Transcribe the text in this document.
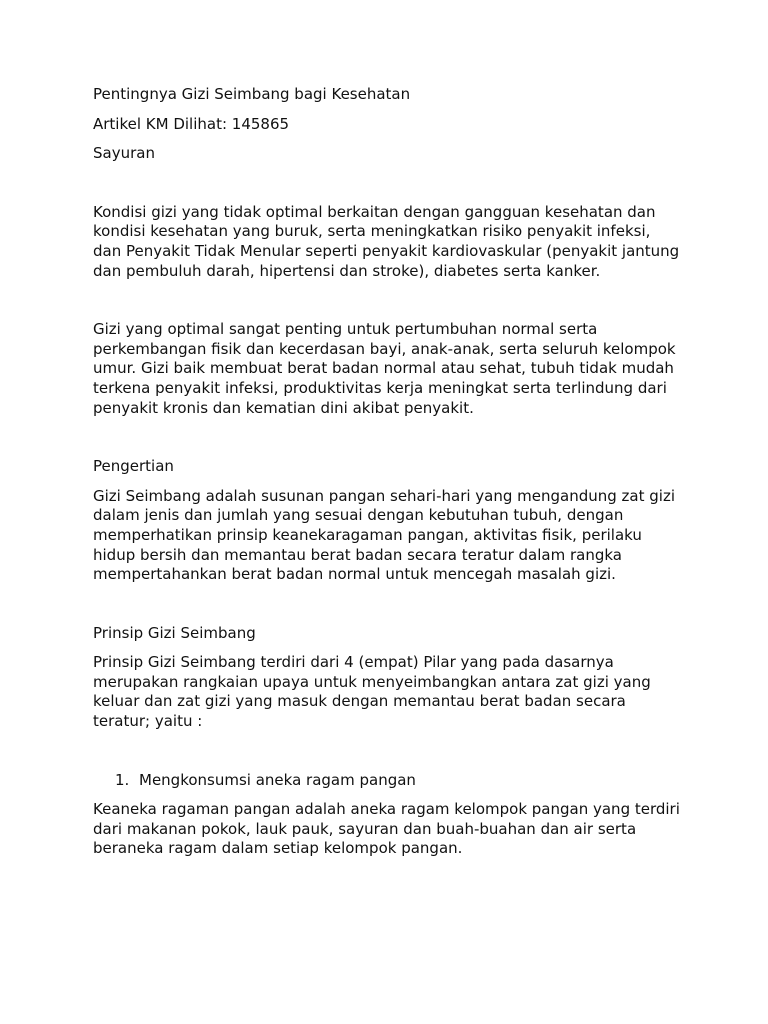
Pentingnya Gizi Seimbang bagi Kesehatan

Artikel KM Dilihat: 145865

Sayuran

Kondisi gizi yang tidak optimal berkaitan dengan gangguan kesehatan dan kondisi kesehatan yang buruk, serta meningkatkan risiko penyakit infeksi, dan Penyakit Tidak Menular seperti penyakit kardiovaskular (penyakit jantung dan pembuluh darah, hipertensi dan stroke), diabetes serta kanker.

Gizi yang optimal sangat penting untuk pertumbuhan normal serta perkembangan fisik dan kecerdasan bayi, anak-anak, serta seluruh kelompok umur. Gizi baik membuat berat badan normal atau sehat, tubuh tidak mudah terkena penyakit infeksi, produktivitas kerja meningkat serta terlindung dari penyakit kronis dan kematian dini akibat penyakit.

Pengertian

Gizi Seimbang adalah susunan pangan sehari-hari yang mengandung zat gizi dalam jenis dan jumlah yang sesuai dengan kebutuhan tubuh, dengan memperhatikan prinsip keanekaragaman pangan, aktivitas fisik, perilaku hidup bersih dan memantau berat badan secara teratur dalam rangka mempertahankan berat badan normal untuk mencegah masalah gizi.

Prinsip Gizi Seimbang

Prinsip Gizi Seimbang terdiri dari 4 (empat) Pilar yang pada dasarnya merupakan rangkaian upaya untuk menyeimbangkan antara zat gizi yang keluar dan zat gizi yang masuk dengan memantau berat badan secara teratur; yaitu :

1. Mengkonsumsi aneka ragam pangan

Keaneka ragaman pangan adalah aneka ragam kelompok pangan yang terdiri dari makanan pokok, lauk pauk, sayuran dan buah-buahan dan air serta beraneka ragam dalam setiap kelompok pangan.
